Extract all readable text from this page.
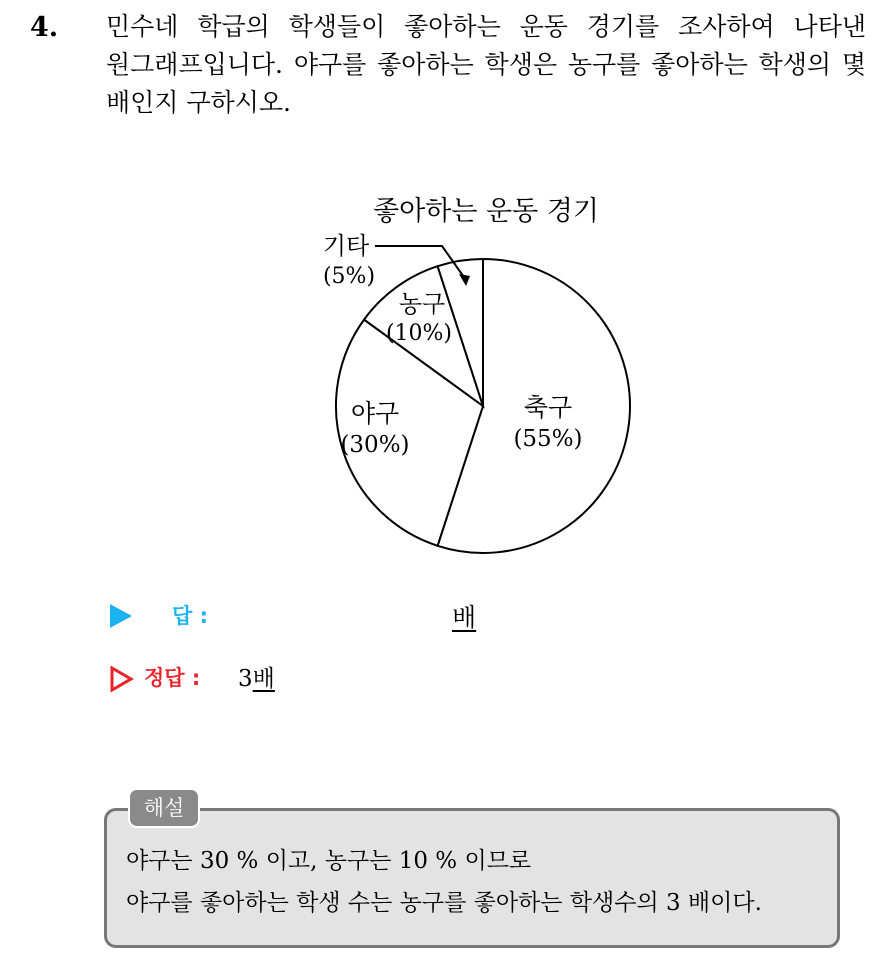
4. 민수네 학급의 학생들이 좋아하는 운동 경기를 조사하여 나타낸
원그래프입니다. 야구를 좋아하는 학생은 농구를 좋아하는 학생의 몇
배인지 구하시오.
좋아하는 운동 경기
축구
(55%)
야구
(30%)
농구
(10%)
기타
(5%)
답 :	배
정답 : 3배
해설
야구는 30 % 이고, 농구는 10 % 이므로
야구를 좋아하는 학생 수는 농구를 좋아하는 학생수의 3 배이다.
